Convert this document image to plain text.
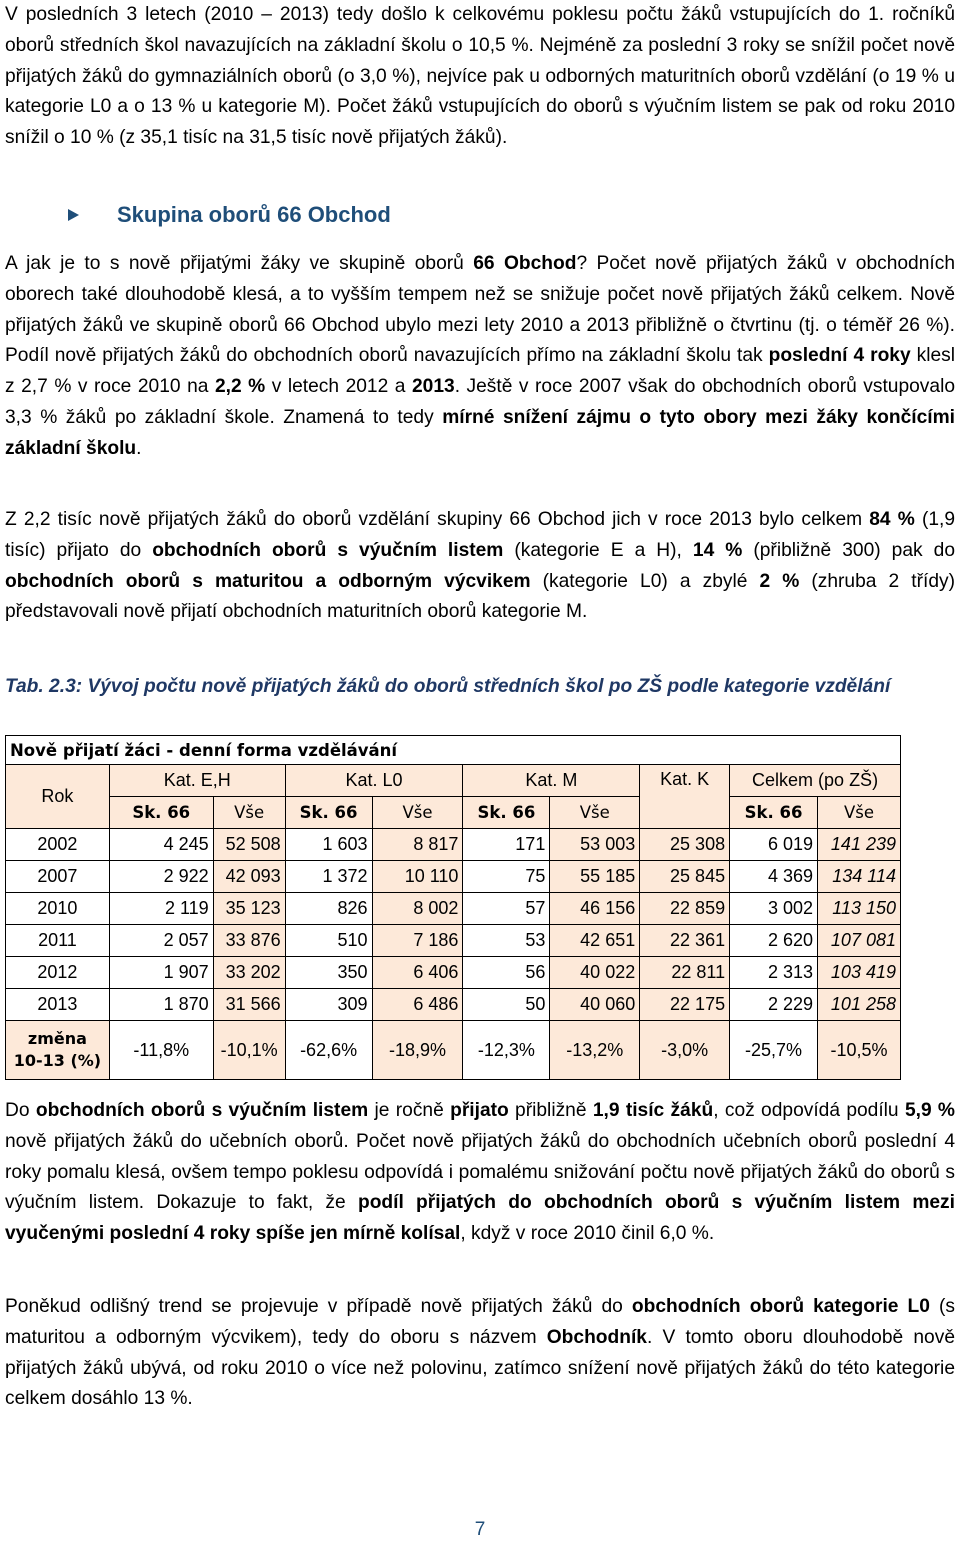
V posledních 3 letech (2010 – 2013) tedy došlo k celkovému poklesu počtu žáků vstupujících do 1. ročníků oborů středních škol navazujících na základní školu o 10,5 %. Nejméně za poslední 3 roky se snížil počet nově přijatých žáků do gymnaziálních oborů (o 3,0 %), nejvíce pak u odborných maturitních oborů vzdělání (o 19 % u kategorie L0 a o 13 % u kategorie M). Počet žáků vstupujících do oborů s výučním listem se pak od roku 2010 snížil o 10 % (z 35,1 tisíc na 31,5 tisíc nově přijatých žáků).

Skupina oborů 66 Obchod

A jak je to s nově přijatými žáky ve skupině oborů 66 Obchod? Počet nově přijatých žáků v obchodních oborech také dlouhodobě klesá, a to vyšším tempem než se snižuje počet nově přijatých žáků celkem. Nově přijatých žáků ve skupině oborů 66 Obchod ubylo mezi lety 2010 a 2013 přibližně o čtvrtinu (tj. o téměř 26 %). Podíl nově přijatých žáků do obchodních oborů navazujících přímo na základní školu tak poslední 4 roky klesl z 2,7 % v roce 2010 na 2,2 % v letech 2012 a 2013. Ještě v roce 2007 však do obchodních oborů vstupovalo 3,3 % žáků po základní škole. Znamená to tedy mírné snížení zájmu o tyto obory mezi žáky končícími základní školu.

Z 2,2 tisíc nově přijatých žáků do oborů vzdělání skupiny 66 Obchod jich v roce 2013 bylo celkem 84 % (1,9 tisíc) přijato do obchodních oborů s výučním listem (kategorie E a H), 14 % (přibližně 300) pak do obchodních oborů s maturitou a odborným výcvikem (kategorie L0) a zbylé 2 % (zhruba 2 třídy) představovali nově přijatí obchodních maturitních oborů kategorie M.

Tab. 2.3: Vývoj počtu nově přijatých žáků do oborů středních škol po ZŠ podle kategorie vzdělání

Nově přijatí žáci - denní forma vzdělávání									
Rok	Kat. E,H		Kat. L0		Kat. M		Kat. K	Celkem (po ZŠ)	
	Sk. 66	Vše	Sk. 66	Vše	Sk. 66	Vše		Sk. 66	Vše
2002	4 245	52 508	1 603	8 817	171	53 003	25 308	6 019	141 239
2007	2 922	42 093	1 372	10 110	75	55 185	25 845	4 369	134 114
2010	2 119	35 123	826	8 002	57	46 156	22 859	3 002	113 150
2011	2 057	33 876	510	7 186	53	42 651	22 361	2 620	107 081
2012	1 907	33 202	350	6 406	56	40 022	22 811	2 313	103 419
2013	1 870	31 566	309	6 486	50	40 060	22 175	2 229	101 258
změna
10-13 (%)	-11,8%	-10,1%	-62,6%	-18,9%	-12,3%	-13,2%	-3,0%	-25,7%	-10,5%

Do obchodních oborů s výučním listem je ročně přijato přibližně 1,9 tisíc žáků, což odpovídá podílu 5,9 % nově přijatých žáků do učebních oborů. Počet nově přijatých žáků do obchodních učebních oborů poslední 4 roky pomalu klesá, ovšem tempo poklesu odpovídá i pomalému snižování počtu nově přijatých žáků do oborů s výučním listem. Dokazuje to fakt, že podíl přijatých do obchodních oborů s výučním listem mezi vyučenými poslední 4 roky spíše jen mírně kolísal, když v roce 2010 činil 6,0 %.

Poněkud odlišný trend se projevuje v případě nově přijatých žáků do obchodních oborů kategorie L0 (s maturitou a odborným výcvikem), tedy do oboru s názvem Obchodník. V tomto oboru dlouhodobě nově přijatých žáků ubývá, od roku 2010 o více než polovinu, zatímco snížení nově přijatých žáků do této kategorie celkem dosáhlo 13 %.

7
